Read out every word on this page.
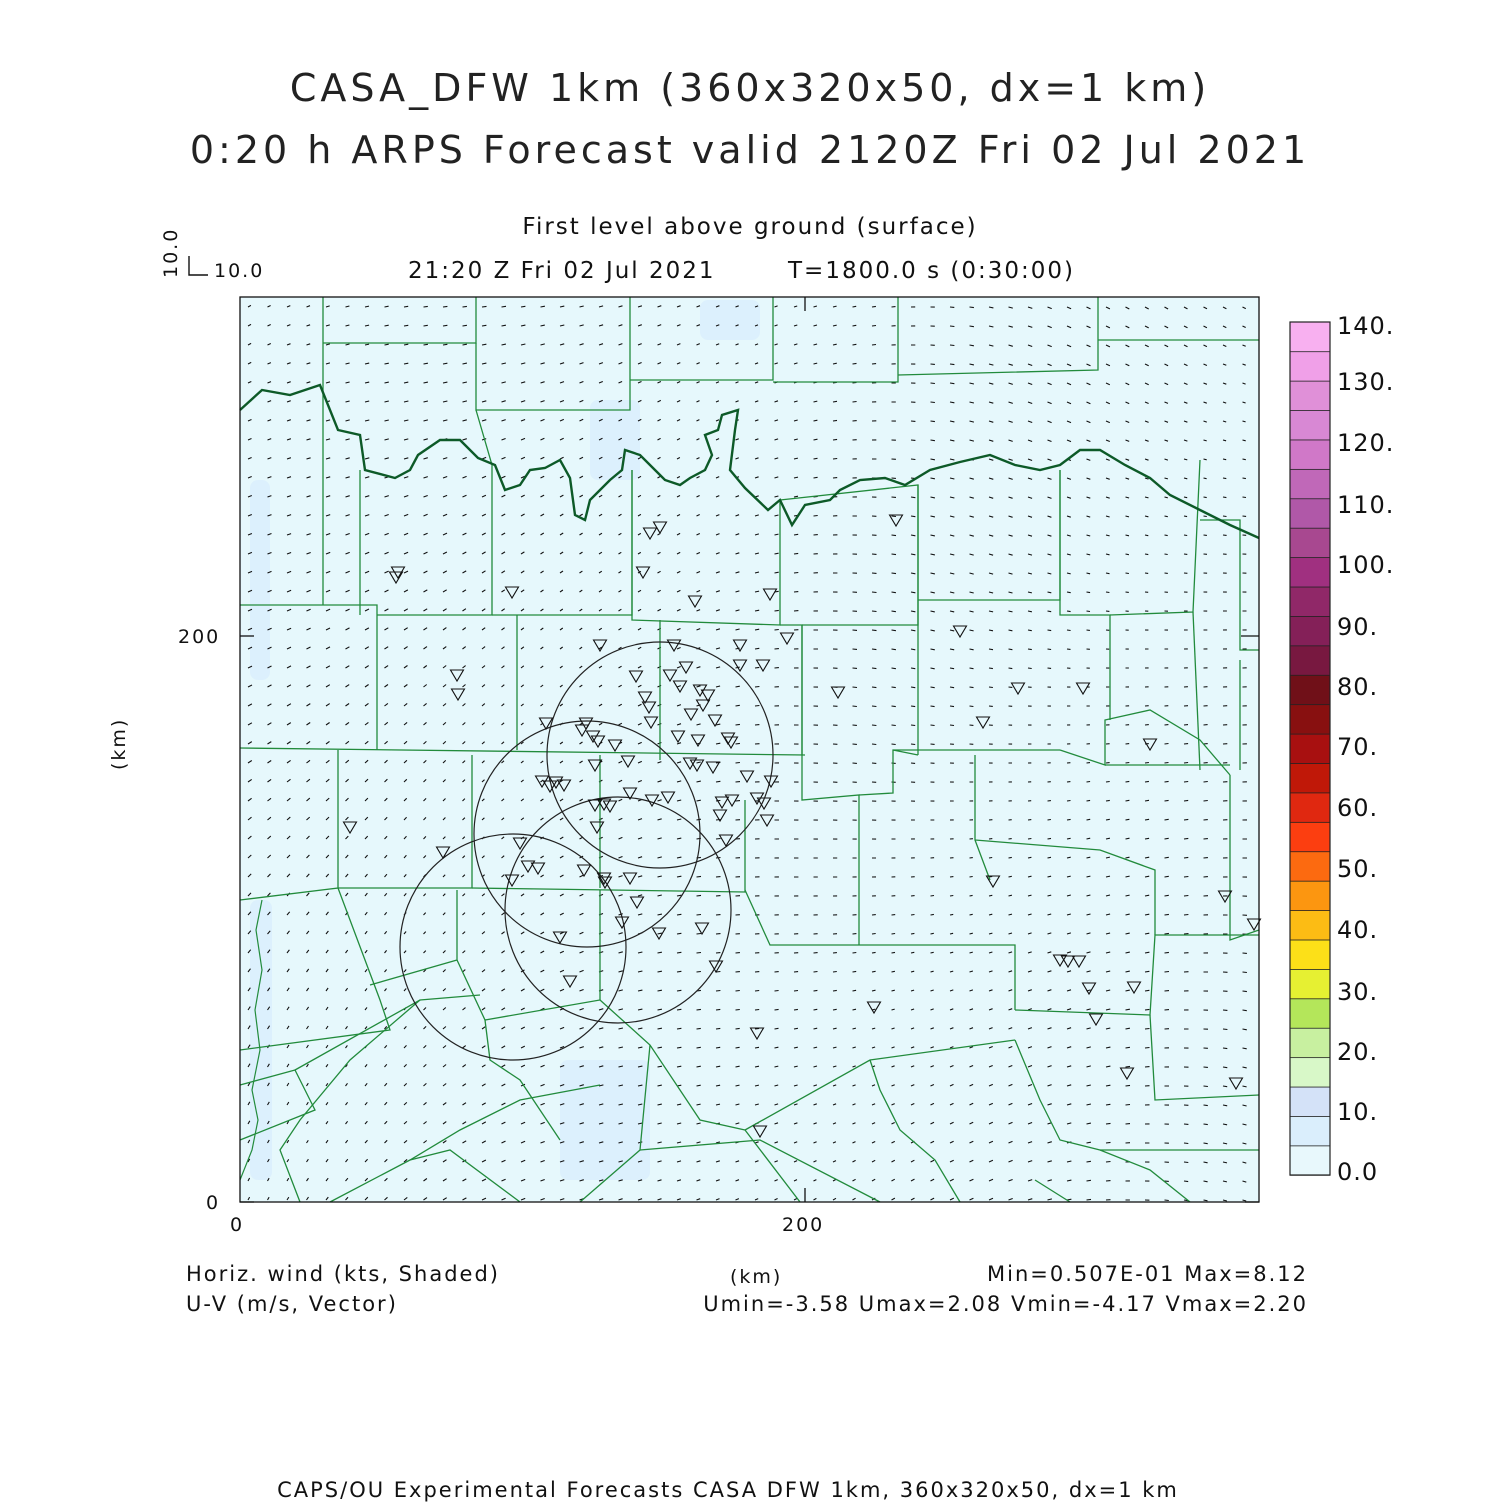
CASA_DFW 1km (360x320x50, dx=1 km)
0:20 h ARPS Forecast valid 2120Z Fri 02 Jul 2021
First level above ground (surface)
21:20 Z Fri 02 Jul 2021	T=1800.0 s (0:30:00)
10.0 10.0
(km)
200
0
0	200
0.0
10.
20.
30.
40.
50.
60.
70.
80.
90.
100.
110.
120.
130.
140.
Horiz. wind (kts, Shaded)
U-V (m/s, Vector)
(km)	Min=0.507E-01 Max=8.12
Umin=-3.58 Umax=2.08 Vmin=-4.17 Vmax=2.20
CAPS/OU Experimental Forecasts CASA DFW 1km, 360x320x50, dx=1 km
